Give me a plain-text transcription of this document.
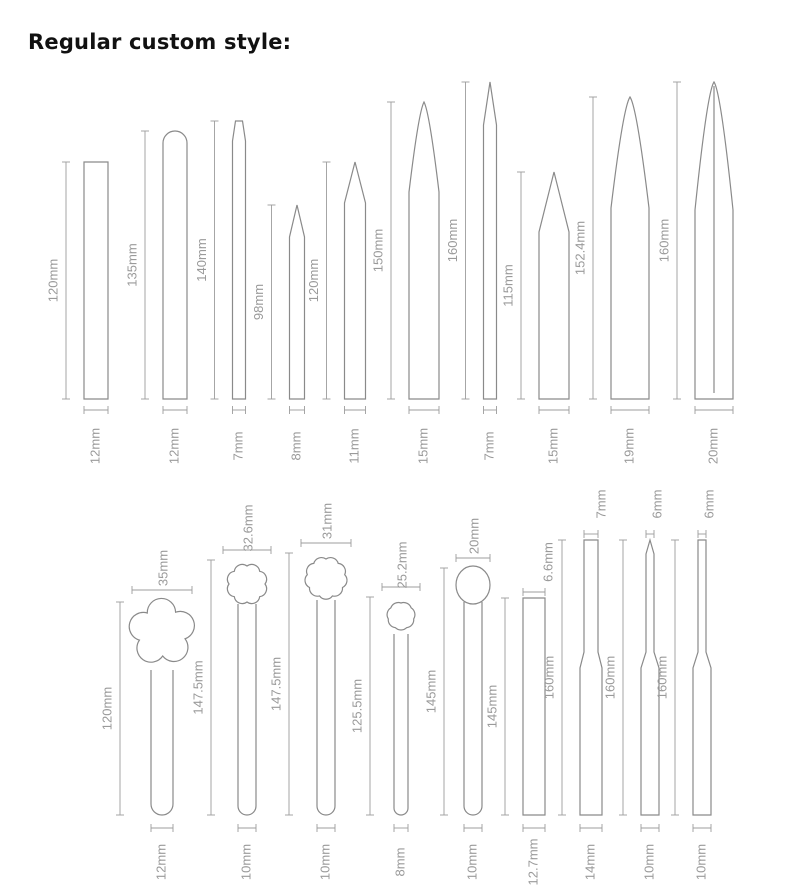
Regular custom style:
120mm
12mm
135mm
12mm
140mm
7mm
98mm
8mm
120mm
11mm
150mm
15mm
160mm
7mm
115mm
15mm
152.4mm
19mm
160mm
20mm
35mm
120mm
12mm
32.6mm
147.5mm
10mm
31mm
147.5mm
10mm
25.2mm
125.5mm
8mm
20mm
145mm
10mm
6.6mm
145mm
12.7mm
7mm
160mm
14mm
6mm
160mm
10mm
6mm
160mm
10mm
